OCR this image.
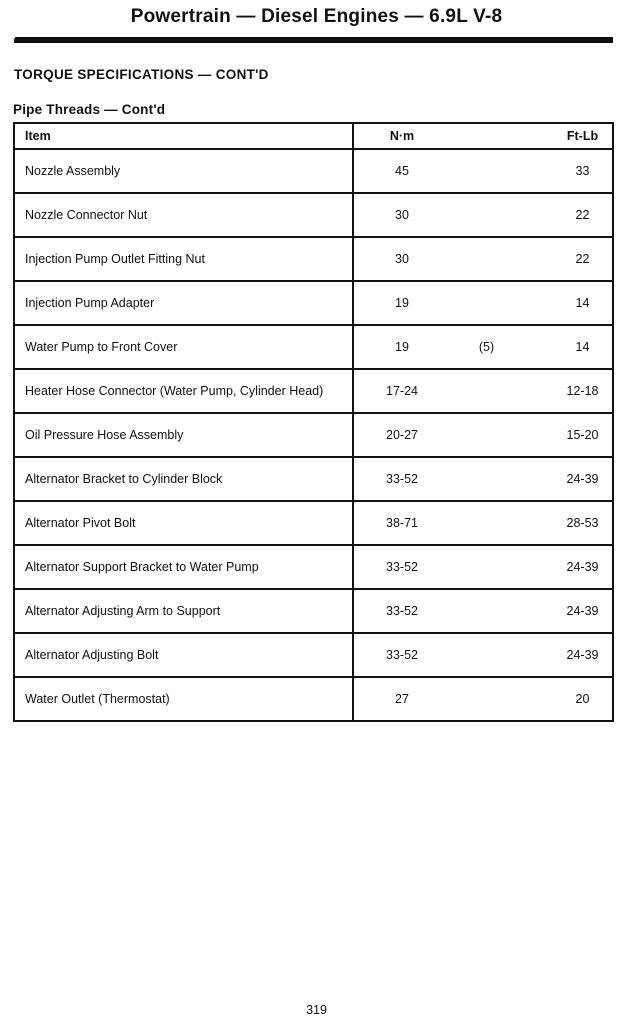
Powertrain — Diesel Engines — 6.9L V-8
TORQUE SPECIFICATIONS — CONT'D
Pipe Threads — Cont'd
Item	N·m		Ft-Lb
Nozzle Assembly	45		33
Nozzle Connector Nut	30		22
Injection Pump Outlet Fitting Nut	30		22
Injection Pump Adapter	19		14
Water Pump to Front Cover	19	(5)	14
Heater Hose Connector (Water Pump, Cylinder Head)	17-24		12-18
Oil Pressure Hose Assembly	20-27		15-20
Alternator Bracket to Cylinder Block	33-52		24-39
Alternator Pivot Bolt	38-71		28-53
Alternator Support Bracket to Water Pump	33-52		24-39
Alternator Adjusting Arm to Support	33-52		24-39
Alternator Adjusting Bolt	33-52		24-39
Water Outlet (Thermostat)	27		20
319
